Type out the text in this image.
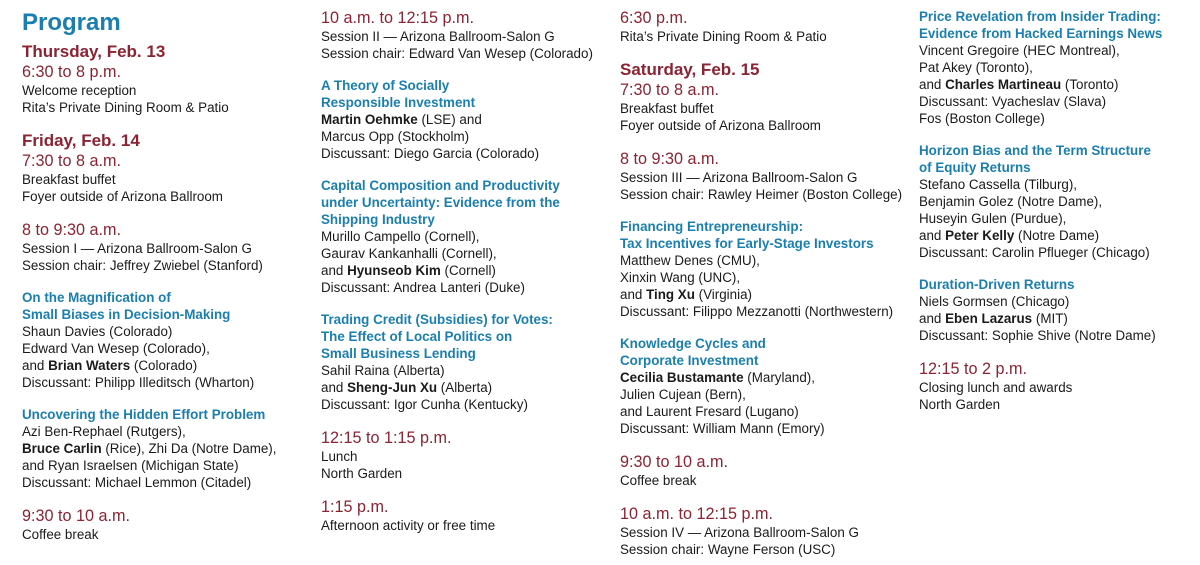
Program
Thursday, Feb. 13
6:30 to 8 p.m.
Welcome reception
Rita’s Private Dining Room & Patio
Friday, Feb. 14
7:30 to 8 a.m.
Breakfast buffet
Foyer outside of Arizona Ballroom
8 to 9:30 a.m.
Session I — Arizona Ballroom-Salon G
Session chair: Jeffrey Zwiebel (Stanford)
On the Magnification of
Small Biases in Decision-Making
Shaun Davies (Colorado)
Edward Van Wesep (Colorado),
and Brian Waters (Colorado)
Discussant: Philipp Illeditsch (Wharton)
Uncovering the Hidden Effort Problem
Azi Ben-Rephael (Rutgers),
Bruce Carlin (Rice), Zhi Da (Notre Dame),
and Ryan Israelsen (Michigan State)
Discussant: Michael Lemmon (Citadel)
9:30 to 10 a.m.
Coffee break
10 a.m. to 12:15 p.m.
Session II — Arizona Ballroom-Salon G
Session chair: Edward Van Wesep (Colorado)
A Theory of Socially
Responsible Investment
Martin Oehmke (LSE) and
Marcus Opp (Stockholm)
Discussant: Diego Garcia (Colorado)
Capital Composition and Productivity
under Uncertainty: Evidence from the
Shipping Industry
Murillo Campello (Cornell),
Gaurav Kankanhalli (Cornell),
and Hyunseob Kim (Cornell)
Discussant: Andrea Lanteri (Duke)
Trading Credit (Subsidies) for Votes:
The Effect of Local Politics on
Small Business Lending
Sahil Raina (Alberta)
and Sheng-Jun Xu (Alberta)
Discussant: Igor Cunha (Kentucky)
12:15 to 1:15 p.m.
Lunch
North Garden
1:15 p.m.
Afternoon activity or free time
6:30 p.m.
Rita’s Private Dining Room & Patio
Saturday, Feb. 15
7:30 to 8 a.m.
Breakfast buffet
Foyer outside of Arizona Ballroom
8 to 9:30 a.m.
Session III — Arizona Ballroom-Salon G
Session chair: Rawley Heimer (Boston College)
Financing Entrepreneurship:
Tax Incentives for Early-Stage Investors
Matthew Denes (CMU),
Xinxin Wang (UNC),
and Ting Xu (Virginia)
Discussant: Filippo Mezzanotti (Northwestern)
Knowledge Cycles and
Corporate Investment
Cecilia Bustamante (Maryland),
Julien Cujean (Bern),
and Laurent Fresard (Lugano)
Discussant: William Mann (Emory)
9:30 to 10 a.m.
Coffee break
10 a.m. to 12:15 p.m.
Session IV — Arizona Ballroom-Salon G
Session chair: Wayne Ferson (USC)
Price Revelation from Insider Trading:
Evidence from Hacked Earnings News
Vincent Gregoire (HEC Montreal),
Pat Akey (Toronto),
and Charles Martineau (Toronto)
Discussant: Vyacheslav (Slava)
Fos (Boston College)
Horizon Bias and the Term Structure
of Equity Returns
Stefano Cassella (Tilburg),
Benjamin Golez (Notre Dame),
Huseyin Gulen (Purdue),
and Peter Kelly (Notre Dame)
Discussant: Carolin Pflueger (Chicago)
Duration-Driven Returns
Niels Gormsen (Chicago)
and Eben Lazarus (MIT)
Discussant: Sophie Shive (Notre Dame)
12:15 to 2 p.m.
Closing lunch and awards
North Garden
